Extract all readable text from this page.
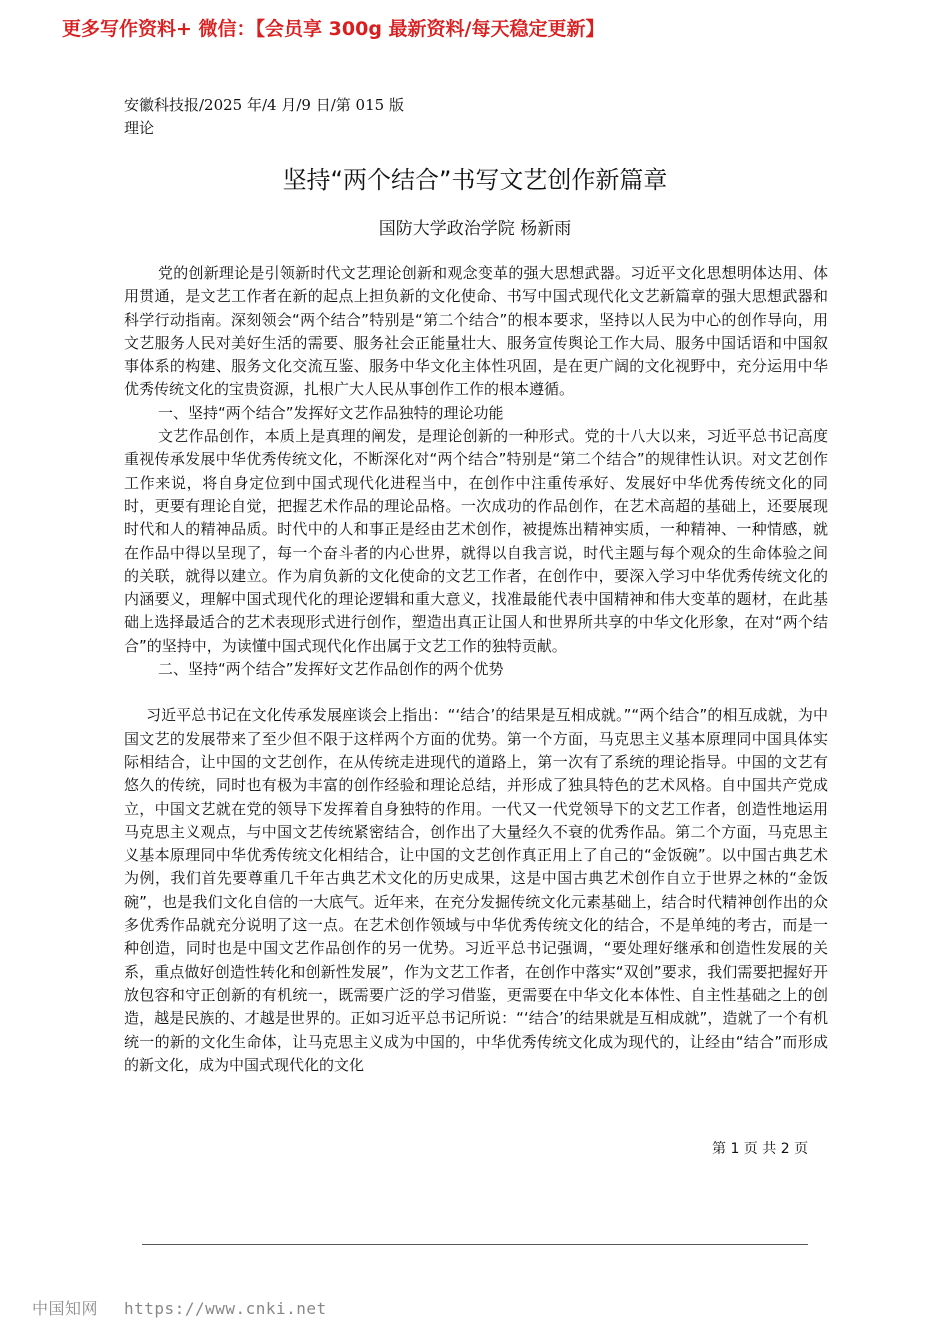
更多写作资料+ 微信：【会员享 300g 最新资料/每天稳定更新】
安徽科技报/2025 年/4 月/9 日/第 015 版理论
坚持“两个结合”书写文艺创作新篇章
国防大学政治学院 杨新雨

党的创新理论是引领新时代文艺理论创新和观念变革的强大思想武器。习近平文化思想明体达用、体用贯通，是文艺工作者在新的起点上担负新的文化使命、书写中国式现代化文艺新篇章的强大思想武器和科学行动指南。深刻领会“两个结合”特别是“第二个结合”的根本要求，坚持以人民为中心的创作导向，用文艺服务人民对美好生活的需要、服务社会正能量壮大、服务宣传舆论工作大局、服务中国话语和中国叙事体系的构建、服务文化交流互鉴、服务中华文化主体性巩固，是在更广阔的文化视野中，充分运用中华优秀传统文化的宝贵资源，扎根广大人民从事创作工作的根本遵循。

一、坚持“两个结合”发挥好文艺作品独特的理论功能

文艺作品创作，本质上是真理的阐发，是理论创新的一种形式。党的十八大以来，习近平总书记高度重视传承发展中华优秀传统文化，不断深化对“两个结合”特别是“第二个结合”的规律性认识。对文艺创作工作来说，将自身定位到中国式现代化进程当中，在创作中注重传承好、发展好中华优秀传统文化的同时，更要有理论自觉，把握艺术作品的理论品格。一次成功的作品创作，在艺术高超的基础上，还要展现时代和人的精神品质。时代中的人和事正是经由艺术创作，被提炼出精神实质，一种精神、一种情感，就在作品中得以呈现了，每一个奋斗者的内心世界，就得以自我言说，时代主题与每个观众的生命体验之间的关联，就得以建立。作为肩负新的文化使命的文艺工作者，在创作中，要深入学习中华优秀传统文化的内涵要义，理解中国式现代化的理论逻辑和重大意义，找准最能代表中国精神和伟大变革的题材，在此基础上选择最适合的艺术表现形式进行创作，塑造出真正让国人和世界所共享的中华文化形象，在对“两个结合”的坚持中，为读懂中国式现代化作出属于文艺工作的独特贡献。

二、坚持“两个结合”发挥好文艺作品创作的两个优势

习近平总书记在文化传承发展座谈会上指出：“‘结合’的结果是互相成就。”“两个结合”的相互成就，为中国文艺的发展带来了至少但不限于这样两个方面的优势。第一个方面，马克思主义基本原理同中国具体实际相结合，让中国的文艺创作，在从传统走进现代的道路上，第一次有了系统的理论指导。中国的文艺有悠久的传统，同时也有极为丰富的创作经验和理论总结，并形成了独具特色的艺术风格。自中国共产党成立，中国文艺就在党的领导下发挥着自身独特的作用。一代又一代党领导下的文艺工作者，创造性地运用马克思主义观点，与中国文艺传统紧密结合，创作出了大量经久不衰的优秀作品。第二个方面，马克思主义基本原理同中华优秀传统文化相结合，让中国的文艺创作真正用上了自己的“金饭碗”。以中国古典艺术为例，我们首先要尊重几千年古典艺术文化的历史成果，这是中国古典艺术创作自立于世界之林的“金饭碗”，也是我们文化自信的一大底气。近年来，在充分发掘传统文化元素基础上，结合时代精神创作出的众多优秀作品就充分说明了这一点。在艺术创作领域与中华优秀传统文化的结合，不是单纯的考古，而是一种创造，同时也是中国文艺作品创作的另一优势。习近平总书记强调，“要处理好继承和创造性发展的关系，重点做好创造性转化和创新性发展”，作为文艺工作者，在创作中落实“双创”要求，我们需要把握好开放包容和守正创新的有机统一，既需要广泛的学习借鉴，更需要在中华文化本体性、自主性基础之上的创造，越是民族的、才越是世界的。正如习近平总书记所说：“‘结合’的结果就是互相成就”，造就了一个有机统一的新的文化生命体，让马克思主义成为中国的，中华优秀传统文化成为现代的，让经由“结合”而形成的新文化，成为中国式现代化的文化

第 1 页 共 2 页
中国知网 https://www.cnki.net
